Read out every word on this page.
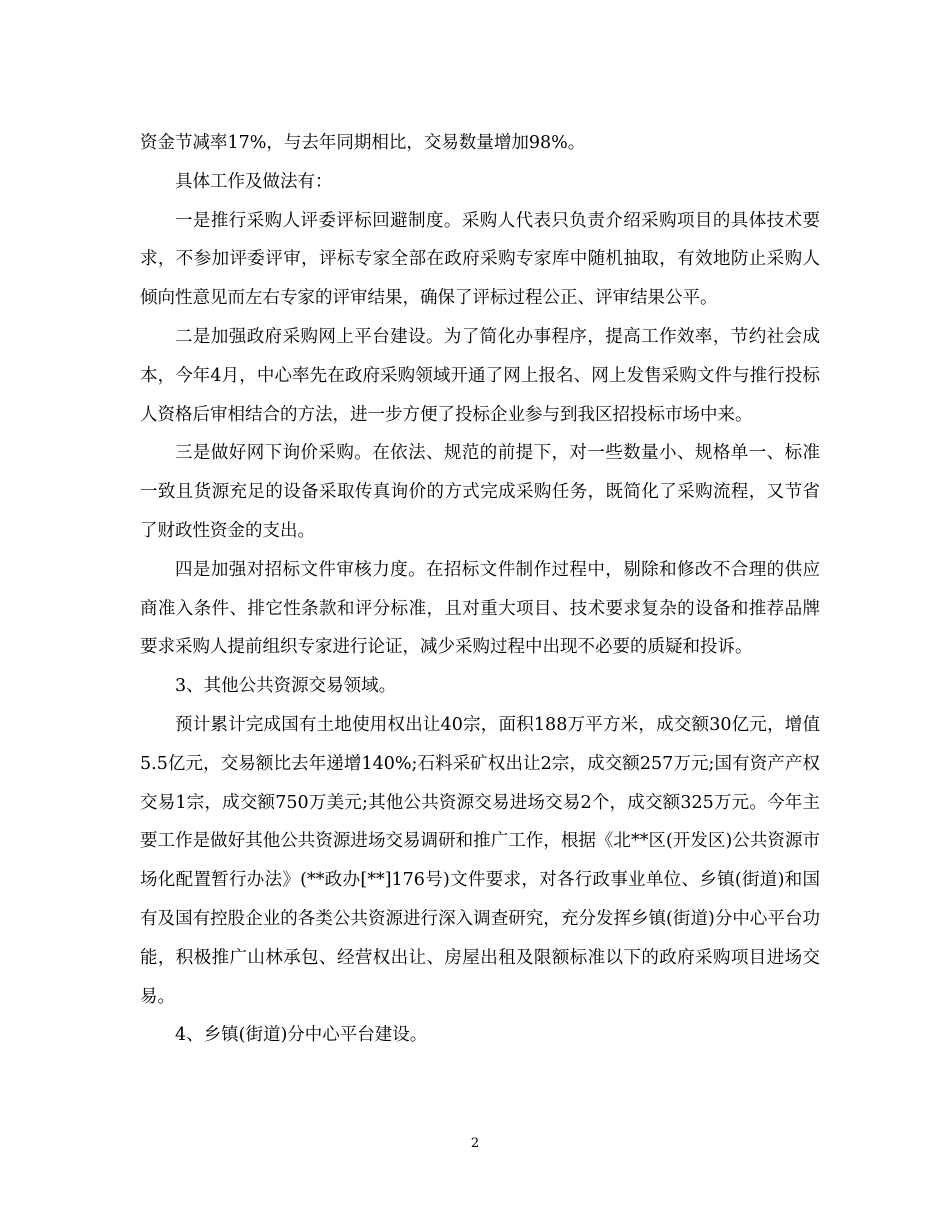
资金节减率17%，与去年同期相比，交易数量增加98%。

具体工作及做法有：

一是推行采购人评委评标回避制度。采购人代表只负责介绍采购项目的具体技术要求，不参加评委评审，评标专家全部在政府采购专家库中随机抽取，有效地防止采购人倾向性意见而左右专家的评审结果，确保了评标过程公正、评审结果公平。

二是加强政府采购网上平台建设。为了简化办事程序，提高工作效率，节约社会成本，今年4月，中心率先在政府采购领域开通了网上报名、网上发售采购文件与推行投标人资格后审相结合的方法，进一步方便了投标企业参与到我区招投标市场中来。

三是做好网下询价采购。在依法、规范的前提下，对一些数量小、规格单一、标准一致且货源充足的设备采取传真询价的方式完成采购任务，既简化了采购流程，又节省了财政性资金的支出。

四是加强对招标文件审核力度。在招标文件制作过程中，剔除和修改不合理的供应商准入条件、排它性条款和评分标准，且对重大项目、技术要求复杂的设备和推荐品牌要求采购人提前组织专家进行论证，减少采购过程中出现不必要的质疑和投诉。

3、其他公共资源交易领域。

预计累计完成国有土地使用权出让40宗，面积188万平方米，成交额30亿元，增值5.5亿元，交易额比去年递增140%;石料采矿权出让2宗，成交额257万元;国有资产产权交易1宗，成交额750万美元;其他公共资源交易进场交易2个，成交额325万元。今年主要工作是做好其他公共资源进场交易调研和推广工作，根据《北**区(开发区)公共资源市场化配置暂行办法》(**政办[**]176号)文件要求，对各行政事业单位、乡镇(街道)和国有及国有控股企业的各类公共资源进行深入调查研究，充分发挥乡镇(街道)分中心平台功能，积极推广山林承包、经营权出让、房屋出租及限额标准以下的政府采购项目进场交易。

4、乡镇(街道)分中心平台建设。

2
